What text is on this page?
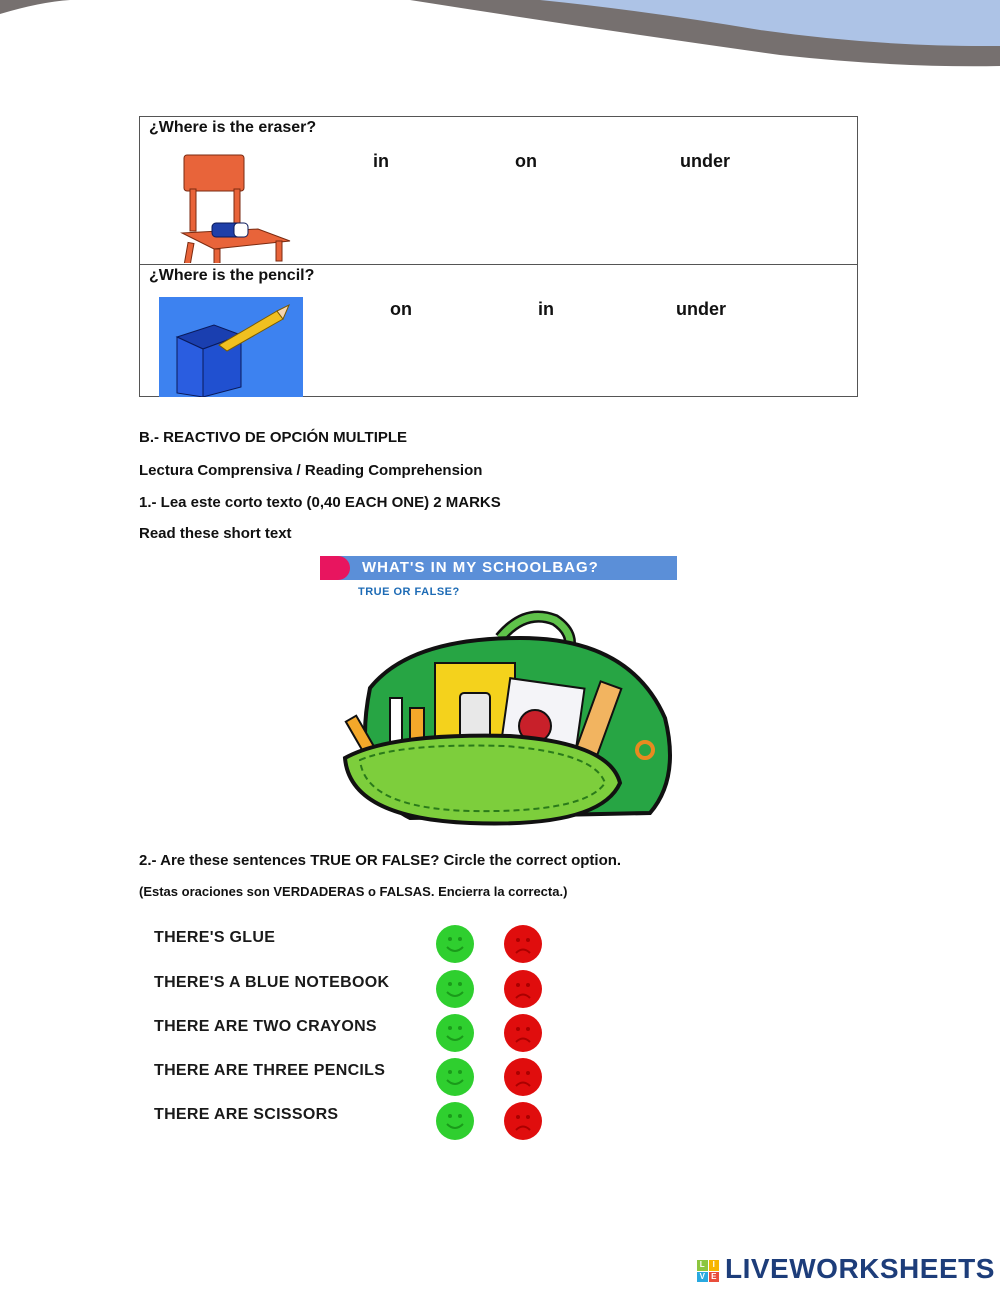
¿Where is the eraser?
in	on	under
¿Where is the pencil?
on	in	under
B.- REACTIVO DE OPCIÓN MULTIPLE
Lectura Comprensiva / Reading Comprehension
1.- Lea este corto texto (0,40 EACH ONE) 2 MARKS
Read these short text
WHAT'S IN MY SCHOOLBAG?
TRUE OR FALSE?
2.- Are these sentences TRUE OR FALSE? Circle the correct option.
(Estas oraciones son VERDADERAS o FALSAS. Encierra la correcta.)
THERE'S GLUE
THERE'S A BLUE NOTEBOOK
THERE ARE TWO CRAYONS
THERE ARE THREE PENCILS
THERE ARE SCISSORS
L I
V E LIVEWORKSHEETS
